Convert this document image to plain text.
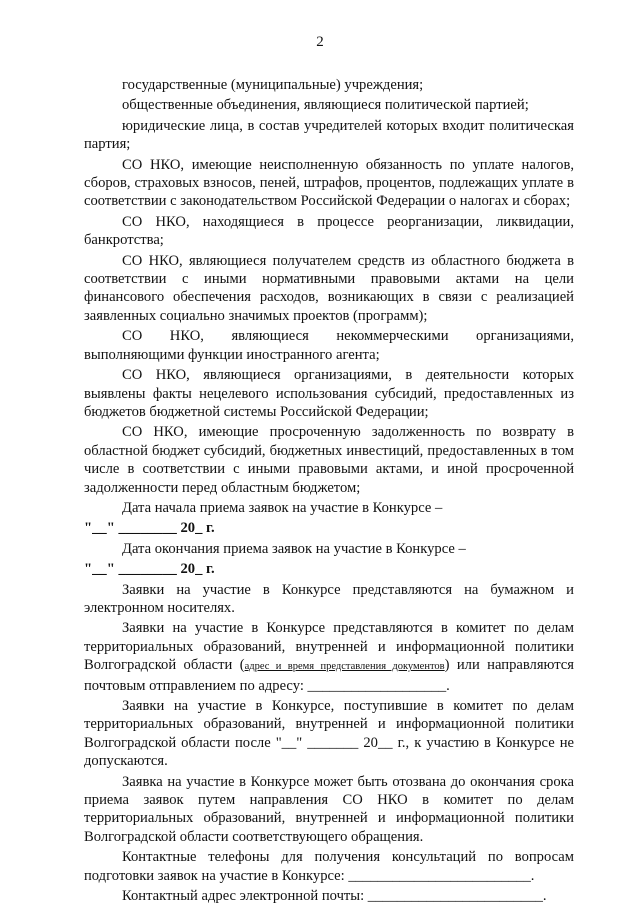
2

государственные (муниципальные) учреждения;

общественные объединения, являющиеся политической партией;

юридические лица, в состав учредителей которых входит политическая партия;

СО НКО, имеющие неисполненную обязанность по уплате налогов, сборов, страховых взносов, пеней, штрафов, процентов, подлежащих уплате в соответствии с законодательством Российской Федерации о налогах и сборах;

СО НКО, находящиеся в процессе реорганизации, ликвидации, банкротства;

СО НКО, являющиеся получателем средств из областного бюджета в соответствии с иными нормативными правовыми актами на цели финансового обеспечения расходов, возникающих в связи с реализацией заявленных социально значимых проектов (программ);

СО НКО, являющиеся некоммерческими организациями, выполняющими функции иностранного агента;

СО НКО, являющиеся организациями, в деятельности которых выявлены факты нецелевого использования субсидий, предоставленных из бюджетов бюджетной системы Российской Федерации;

СО НКО, имеющие просроченную задолженность по возврату в областной бюджет субсидий, бюджетных инвестиций, предоставленных в том числе в соответствии с иными правовыми актами, и иной просроченной задолженности перед областным бюджетом;

Дата начала приема заявок на участие в Конкурсе –

"__" ________ 20_ г.

Дата окончания приема заявок на участие в Конкурсе –

"__" ________ 20_ г.

Заявки на участие в Конкурсе представляются на бумажном и электронном носителях.

Заявки на участие в Конкурсе представляются в комитет по делам территориальных образований, внутренней и информационной политики Волгоградской области (адрес и время представления документов) или направляются почтовым отправлением по адресу: ___________________.

Заявки на участие в Конкурсе, поступившие в комитет по делам территориальных образований, внутренней и информационной политики Волгоградской области после "__" _______ 20__ г., к участию в Конкурсе не допускаются.

Заявка на участие в Конкурсе может быть отозвана до окончания срока приема заявок путем направления СО НКО в комитет по делам территориальных образований, внутренней и информационной политики Волгоградской области соответствующего обращения.

Контактные телефоны для получения консультаций по вопросам подготовки заявок на участие в Конкурсе: _________________________.

Контактный адрес электронной почты: ________________________.
